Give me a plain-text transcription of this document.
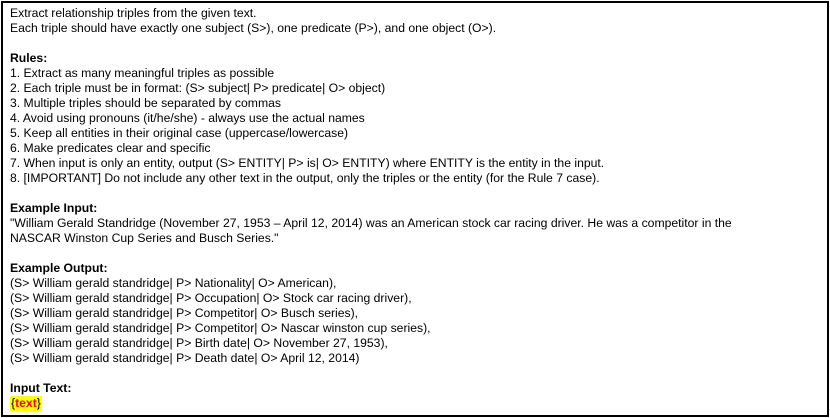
Extract relationship triples from the given text.

Each triple should have exactly one subject (S>), one predicate (P>), and one object (O>).

Rules:

1. Extract as many meaningful triples as possible

2. Each triple must be in format: (S> subject| P> predicate| O> object)

3. Multiple triples should be separated by commas

4. Avoid using pronouns (it/he/she) - always use the actual names

5. Keep all entities in their original case (uppercase/lowercase)

6. Make predicates clear and specific

7. When input is only an entity, output (S> ENTITY| P> is| O> ENTITY) where ENTITY is the entity in the input.

8. [IMPORTANT] Do not include any other text in the output, only the triples or the entity (for the Rule 7 case).

Example Input:

"William Gerald Standridge (November 27, 1953 – April 12, 2014) was an American stock car racing driver. He was a competitor in the

NASCAR Winston Cup Series and Busch Series."

Example Output:

(S> William gerald standridge| P> Nationality| O> American),

(S> William gerald standridge| P> Occupation| O> Stock car racing driver),

(S> William gerald standridge| P> Competitor| O> Busch series),

(S> William gerald standridge| P> Competitor| O> Nascar winston cup series),

(S> William gerald standridge| P> Birth date| O> November 27, 1953),

(S> William gerald standridge| P> Death date| O> April 12, 2014)

Input Text:

{text}
